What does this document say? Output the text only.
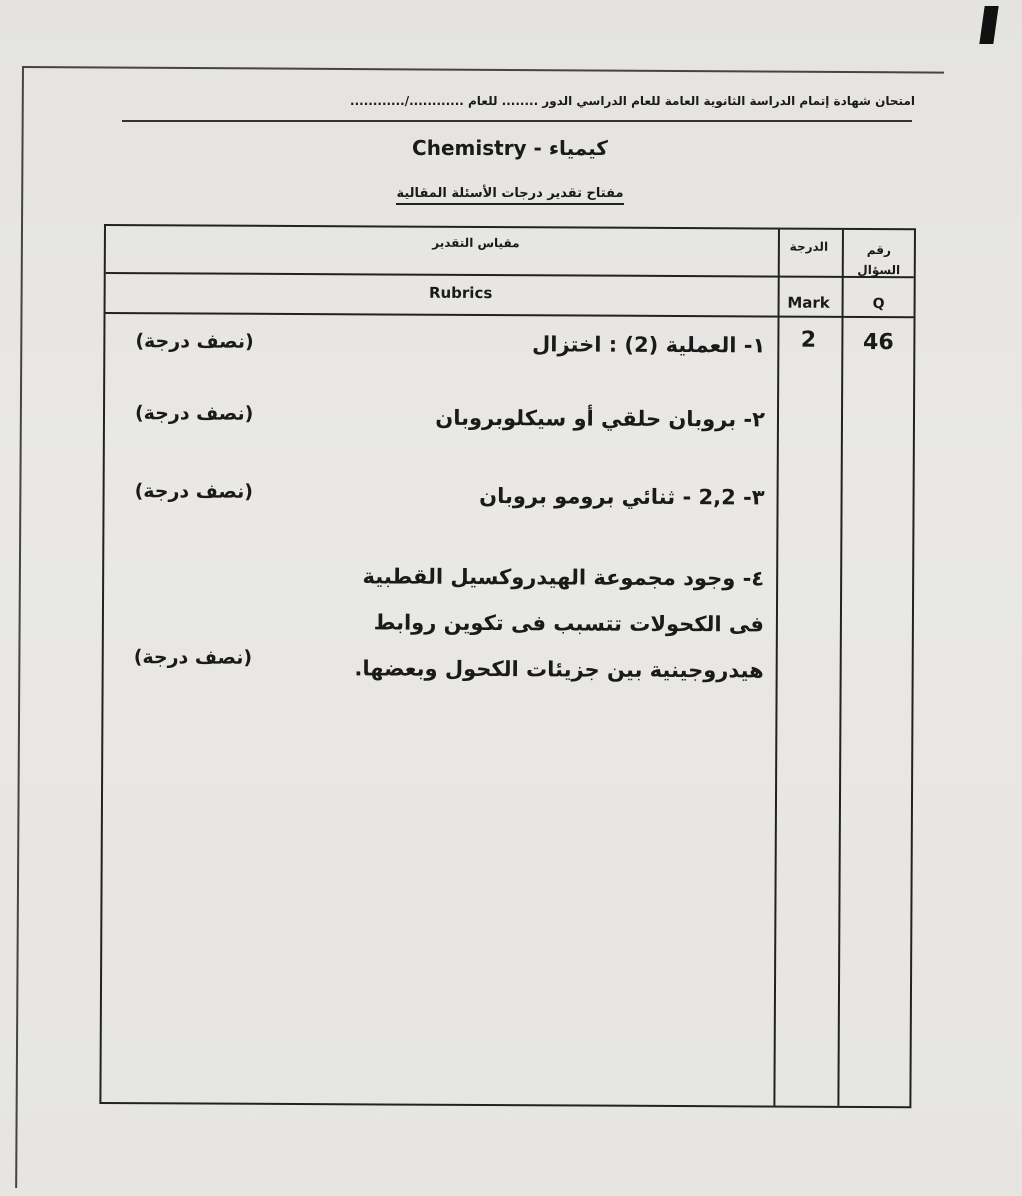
امتحان شهادة إتمام الدراسة الثانوية العامة للعام الدراسي الدور ........ للعام ............/............
Chemistry - كيمياء
مفتاح تقدير درجات الأسئلة المقالية
مقياس التقدير
Rubrics
الدرجة
Mark
رقم السؤال
Q
46
2
١- العملية (2) : اختزال
(نصف درجة)
٢- بروبان حلقي أو سيكلوبروبان
(نصف درجة)
٣- 2,2 - ثنائي برومو بروبان
(نصف درجة)
٤- وجود مجموعة الهيدروكسيل القطبية فى الكحولات تتسبب فى تكوين روابط هيدروجينية بين جزيئات الكحول وبعضها.
(نصف درجة)
